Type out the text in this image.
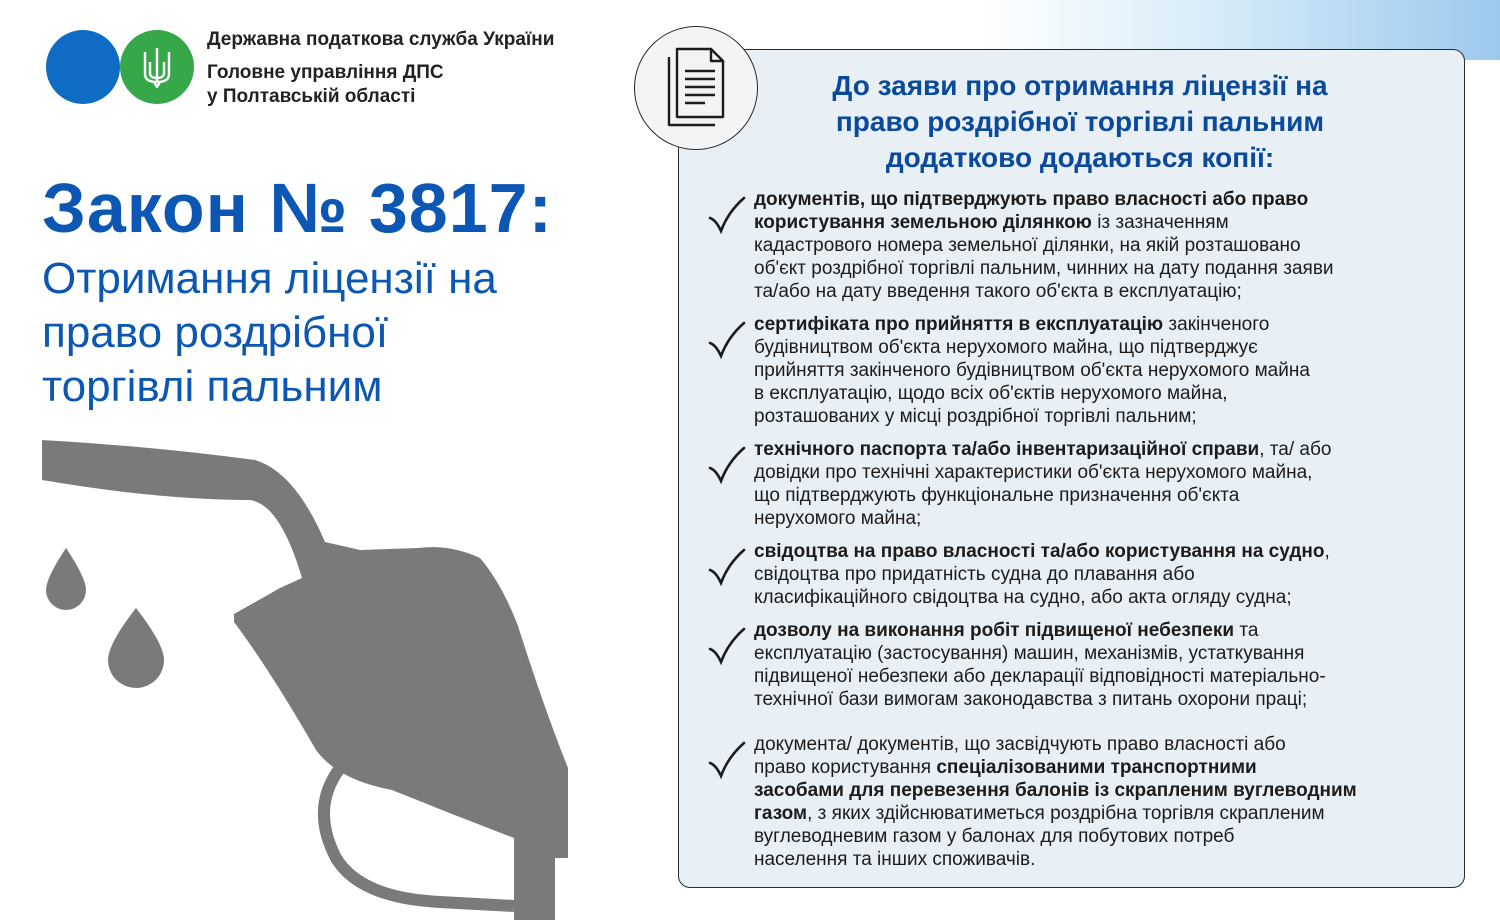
Державна податкова служба України
Головне управління ДПС
у Полтавській області
Закон № 3817:
Отримання ліцензії на
право роздрібної
торгівлі пальним
До заяви про отримання ліцензії на
право роздрібної торгівлі пальним
додатково додаються копії:
документів, що підтверджують право власності або право
користування земельною ділянкою із зазначенням
кадастрового номера земельної ділянки, на якій розташовано
об'єкт роздрібної торгівлі пальним, чинних на дату подання заяви
та/або на дату введення такого об'єкта в експлуатацію;
сертифіката про прийняття в експлуатацію закінченого
будівництвом об'єкта нерухомого майна, що підтверджує
прийняття закінченого будівництвом об'єкта нерухомого майна
в експлуатацію, щодо всіх об'єктів нерухомого майна,
розташованих у місці роздрібної торгівлі пальним;
технічного паспорта та/або інвентаризаційної справи, та/ або
довідки про технічні характеристики об'єкта нерухомого майна,
що підтверджують функціональне призначення об'єкта
нерухомого майна;
свідоцтва на право власності та/або користування на судно,
свідоцтва про придатність судна до плавання або
класифікаційного свідоцтва на судно, або акта огляду судна;
дозволу на виконання робіт підвищеної небезпеки та
експлуатацію (застосування) машин, механізмів, устаткування
підвищеної небезпеки або декларації відповідності матеріально-
технічної бази вимогам законодавства з питань охорони праці;
документа/ документів, що засвідчують право власності або
право користування спеціалізованими транспортними
засобами для перевезення балонів із скрапленим вуглеводним
газом, з яких здійснюватиметься роздрібна торгівля скрапленим
вуглеводневим газом у балонах для побутових потреб
населення та інших споживачів.
